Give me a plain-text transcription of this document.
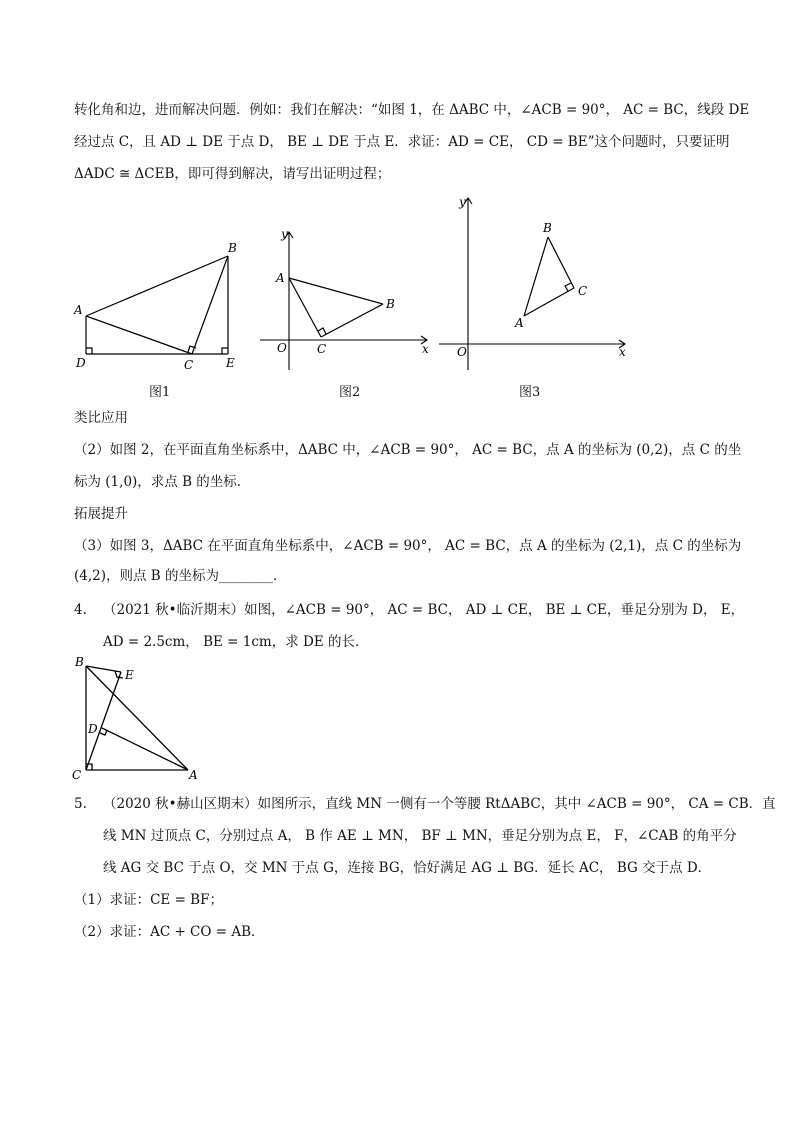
转化角和边，进而解决问题．例如：我们在解决：“如图 1，在 ΔABC 中，∠ACB = 90°， AC = BC，线段 DE
经过点 C，且 AD ⊥ DE 于点 D， BE ⊥ DE 于点 E．求证：AD = CE， CD = BE”这个问题时，只要证明
ΔADC ≅ ΔCEB，即可得到解决，请写出证明过程；
A
B
C
D	E
图1
y
x
O
A
B
C
图2
y
x
O
A
B
C
图3
类比应用
（2）如图 2，在平面直角坐标系中，ΔABC 中，∠ACB = 90°， AC = BC，点 A 的坐标为 (0,2)，点 C 的坐
标为 (1,0)，求点 B 的坐标．
拓展提升
（3）如图 3，ΔABC 在平面直角坐标系中，∠ACB = 90°， AC = BC，点 A 的坐标为 (2,1)，点 C 的坐标为
(4,2)，则点 B 的坐标为________．
4. （2021 秋•临沂期末）如图，∠ACB = 90°， AC = BC， AD ⊥ CE， BE ⊥ CE，垂足分别为 D， E，
AD = 2.5cm， BE = 1cm，求 DE 的长．
B
E
D
C	A
5. （2020 秋•赫山区期末）如图所示，直线 MN 一侧有一个等腰 RtΔABC，其中 ∠ACB = 90°， CA = CB．直
线 MN 过顶点 C，分别过点 A， B 作 AE ⊥ MN， BF ⊥ MN，垂足分别为点 E， F，∠CAB 的角平分
线 AG 交 BC 于点 O，交 MN 于点 G，连接 BG，恰好满足 AG ⊥ BG．延长 AC， BG 交于点 D．
（1）求证：CE = BF；
（2）求证：AC + CO = AB．
